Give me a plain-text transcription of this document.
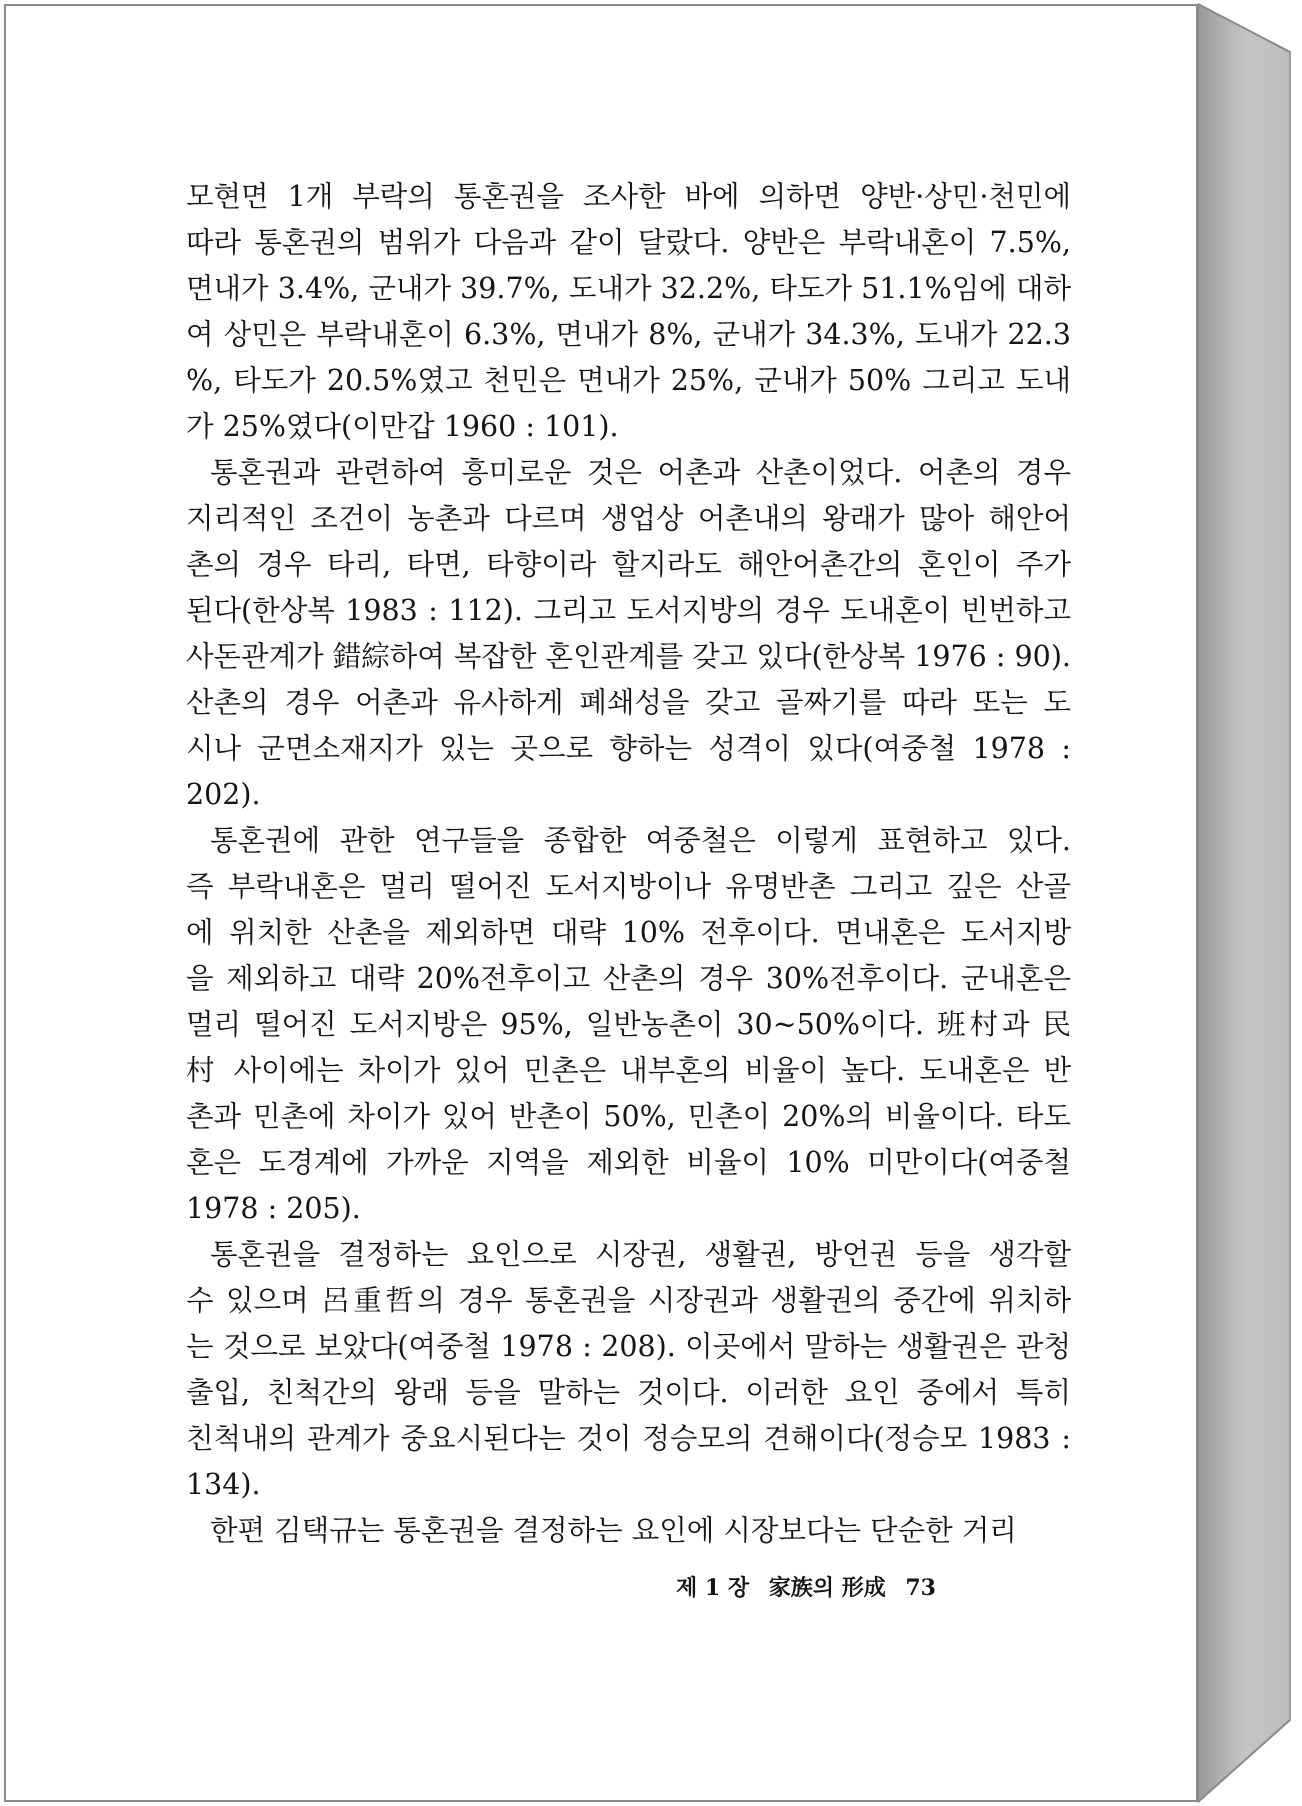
모현면 1개 부락의 통혼권을 조사한 바에 의하면 양반·상민·천민에
따라 통혼권의 범위가 다음과 같이 달랐다. 양반은 부락내혼이 7.5%,
면내가 3.4%, 군내가 39.7%, 도내가 32.2%, 타도가 51.1%임에 대하
여 상민은 부락내혼이 6.3%, 면내가 8%, 군내가 34.3%, 도내가 22.3
%, 타도가 20.5%였고 천민은 면내가 25%, 군내가 50% 그리고 도내
가 25%였다(이만갑 1960 : 101).
통혼권과 관련하여 흥미로운 것은 어촌과 산촌이었다. 어촌의 경우
지리적인 조건이 농촌과 다르며 생업상 어촌내의 왕래가 많아 해안어
촌의 경우 타리, 타면, 타향이라 할지라도 해안어촌간의 혼인이 주가
된다(한상복 1983 : 112). 그리고 도서지방의 경우 도내혼이 빈번하고
사돈관계가 錯綜하여 복잡한 혼인관계를 갖고 있다(한상복 1976 : 90).
산촌의 경우 어촌과 유사하게 폐쇄성을 갖고 골짜기를 따라 또는 도
시나 군면소재지가 있는 곳으로 향하는 성격이 있다(여중철 1978 :
202).
통혼권에 관한 연구들을 종합한 여중철은 이렇게 표현하고 있다.
즉 부락내혼은 멀리 떨어진 도서지방이나 유명반촌 그리고 깊은 산골
에 위치한 산촌을 제외하면 대략 10% 전후이다. 면내혼은 도서지방
을 제외하고 대략 20%전후이고 산촌의 경우 30%전후이다. 군내혼은
멀리 떨어진 도서지방은 95%, 일반농촌이 30~50%이다. 班村과 民
村 사이에는 차이가 있어 민촌은 내부혼의 비율이 높다. 도내혼은 반
촌과 민촌에 차이가 있어 반촌이 50%, 민촌이 20%의 비율이다. 타도
혼은 도경계에 가까운 지역을 제외한 비율이 10% 미만이다(여중철
1978 : 205).
통혼권을 결정하는 요인으로 시장권, 생활권, 방언권 등을 생각할
수 있으며 呂重哲의 경우 통혼권을 시장권과 생활권의 중간에 위치하
는 것으로 보았다(여중철 1978 : 208). 이곳에서 말하는 생활권은 관청
출입, 친척간의 왕래 등을 말하는 것이다. 이러한 요인 중에서 특히
친척내의 관계가 중요시된다는 것이 정승모의 견해이다(정승모 1983 :
134).
한편 김택규는 통혼권을 결정하는 요인에 시장보다는 단순한 거리
제 1 장 家族의 形成 73
